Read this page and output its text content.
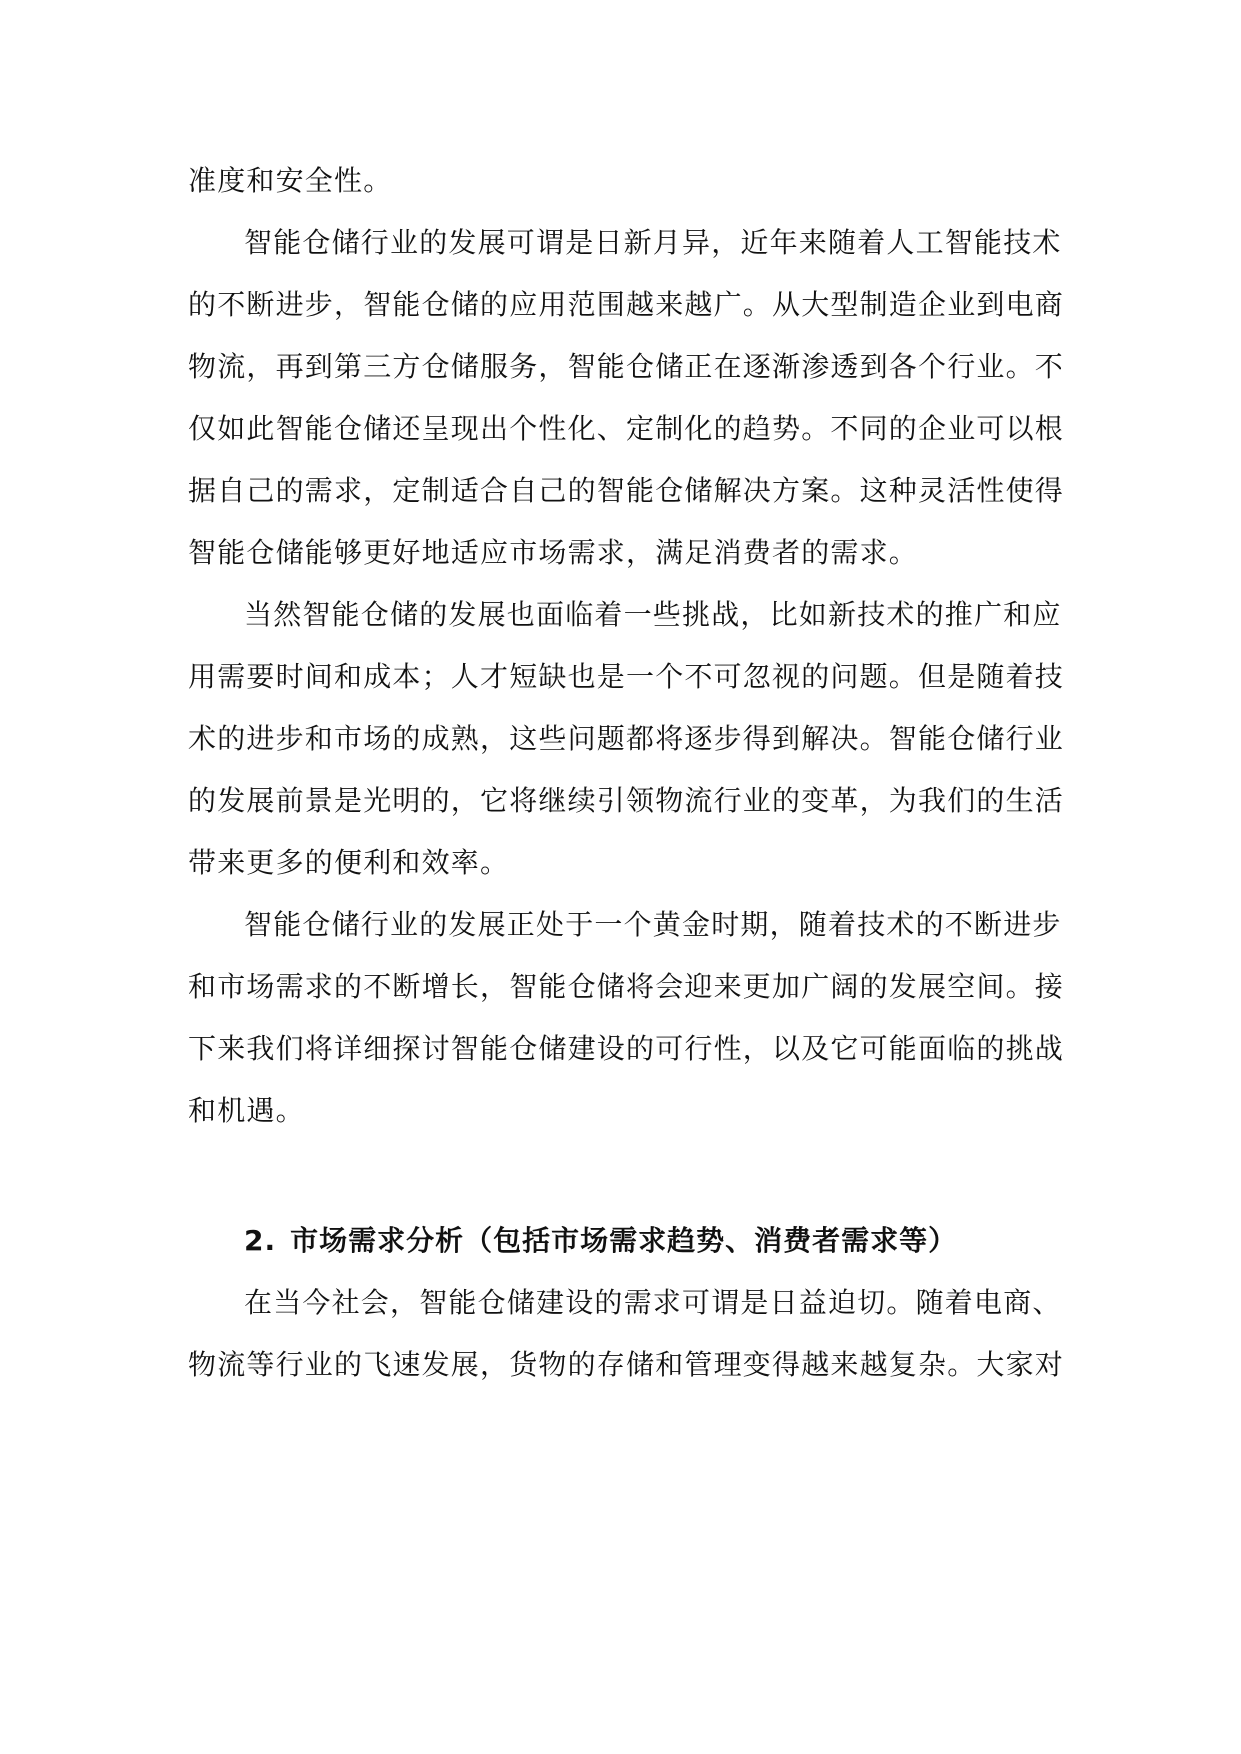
准度和安全性。
智能仓储行业的发展可谓是日新月异，近年来随着人工智能技术
的不断进步，智能仓储的应用范围越来越广。从大型制造企业到电商
物流，再到第三方仓储服务，智能仓储正在逐渐渗透到各个行业。不
仅如此智能仓储还呈现出个性化、定制化的趋势。不同的企业可以根
据自己的需求，定制适合自己的智能仓储解决方案。这种灵活性使得
智能仓储能够更好地适应市场需求，满足消费者的需求。
当然智能仓储的发展也面临着一些挑战，比如新技术的推广和应
用需要时间和成本；人才短缺也是一个不可忽视的问题。但是随着技
术的进步和市场的成熟，这些问题都将逐步得到解决。智能仓储行业
的发展前景是光明的，它将继续引领物流行业的变革，为我们的生活
带来更多的便利和效率。
智能仓储行业的发展正处于一个黄金时期，随着技术的不断进步
和市场需求的不断增长，智能仓储将会迎来更加广阔的发展空间。接
下来我们将详细探讨智能仓储建设的可行性，以及它可能面临的挑战
和机遇。
2. 市场需求分析（包括市场需求趋势、消费者需求等）
在当今社会，智能仓储建设的需求可谓是日益迫切。随着电商、
物流等行业的飞速发展，货物的存储和管理变得越来越复杂。大家对
